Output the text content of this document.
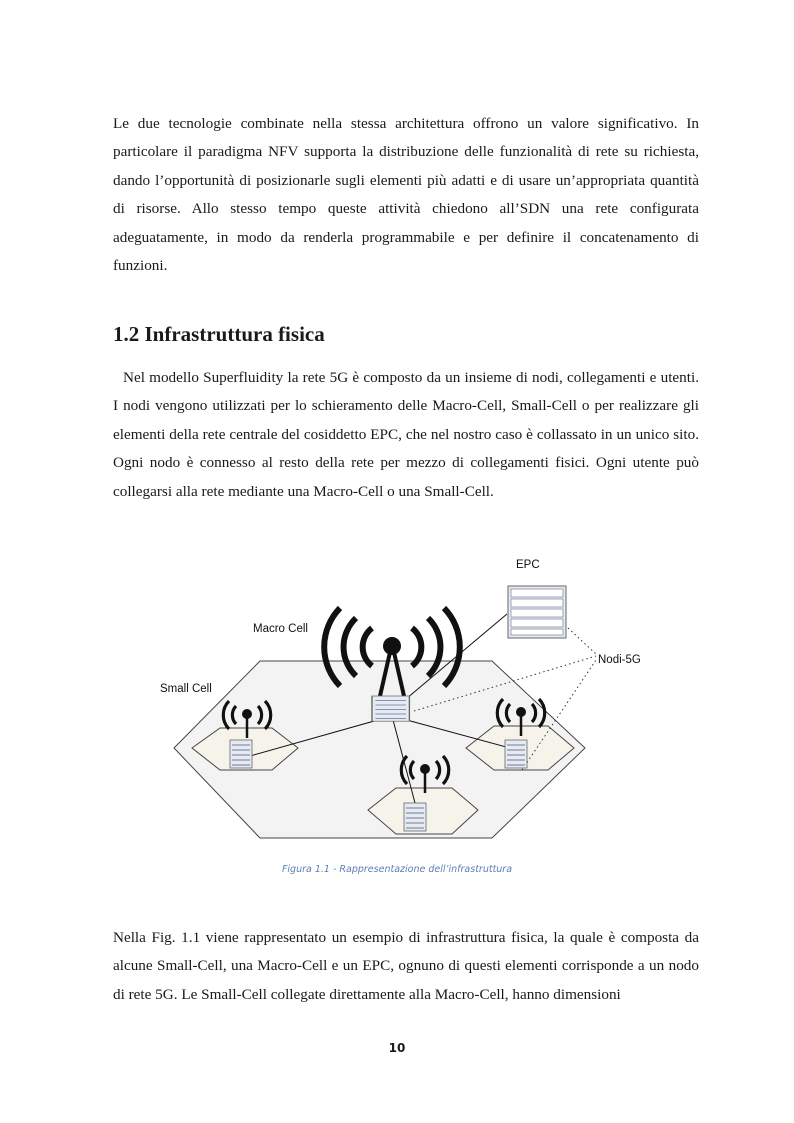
Le due tecnologie combinate nella stessa architettura offrono un valore significativo. In particolare il paradigma NFV supporta la distribuzione delle funzionalità di rete su richiesta, dando l’opportunità di posizionarle sugli elementi più adatti e di usare un’appropriata quantità di risorse. Allo stesso tempo queste attività chiedono all’SDN una rete configurata adeguatamente, in modo da renderla programmabile e per definire il concatenamento di funzioni.

1.2 Infrastruttura fisica

Nel modello Superfluidity la rete 5G è composto da un insieme di nodi, collegamenti e utenti. I nodi vengono utilizzati per lo schieramento delle Macro-Cell, Small-Cell o per realizzare gli elementi della rete centrale del cosiddetto EPC, che nel nostro caso è collassato in un unico sito. Ogni nodo è connesso al resto della rete per mezzo di collegamenti fisici. Ogni utente può collegarsi alla rete mediante una Macro-Cell o una Small-Cell.

EPC
Macro Cell
Small Cell
Nodi-5G
Figura 1.1 - Rappresentazione dell’infrastruttura

Nella Fig. 1.1 viene rappresentato un esempio di infrastruttura fisica, la quale è composta da alcune Small-Cell, una Macro-Cell e un EPC, ognuno di questi elementi corrisponde a un nodo di rete 5G. Le Small-Cell collegate direttamente alla Macro-Cell, hanno dimensioni

10
